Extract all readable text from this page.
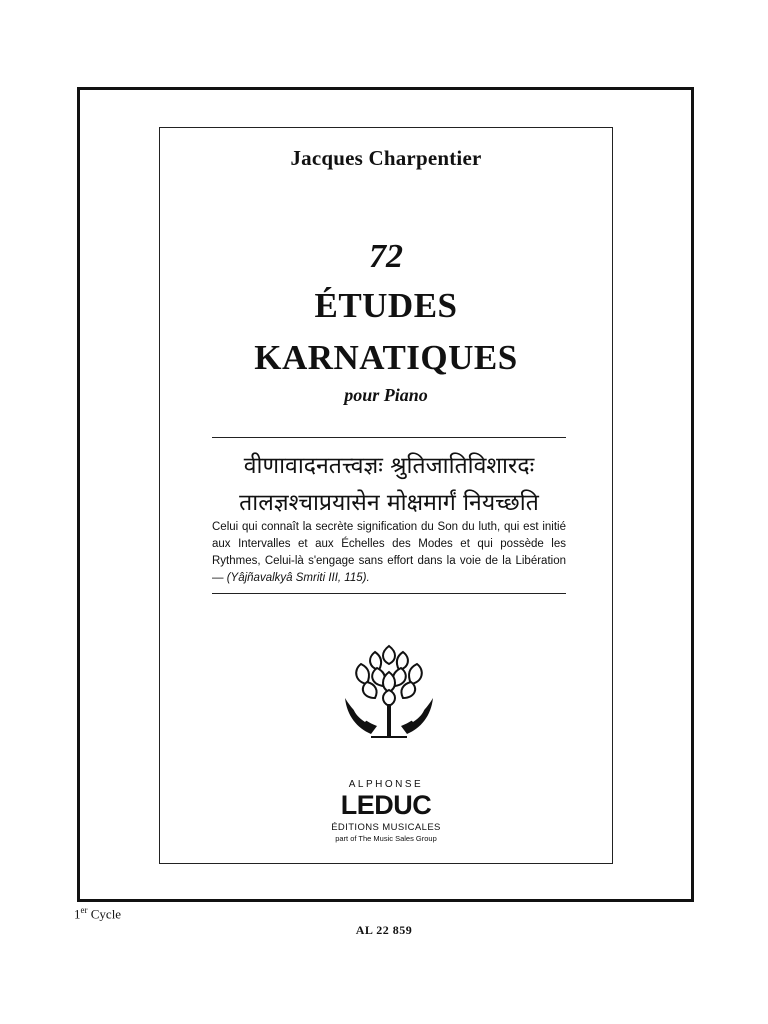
Jacques Charpentier
72
ÉTUDES
KARNATIQUES
pour Piano
वीणावादनतत्त्वज्ञः श्रुतिजातिविशारदः
तालज्ञश्चाप्रयासेन मोक्षमार्गं नियच्छति
Celui qui connaît la secrète signification du Son du luth, qui est initié aux Intervalles et aux Échelles des Modes et qui possède les Rythmes, Celui-là s'engage sans effort dans la voie de la Libération — (Yâjñavalkyâ Smriti III, 115).
ALPHONSE
LEDUC
ÉDITIONS MUSICALES
part of The Music Sales Group
1er Cycle
AL 22 859
